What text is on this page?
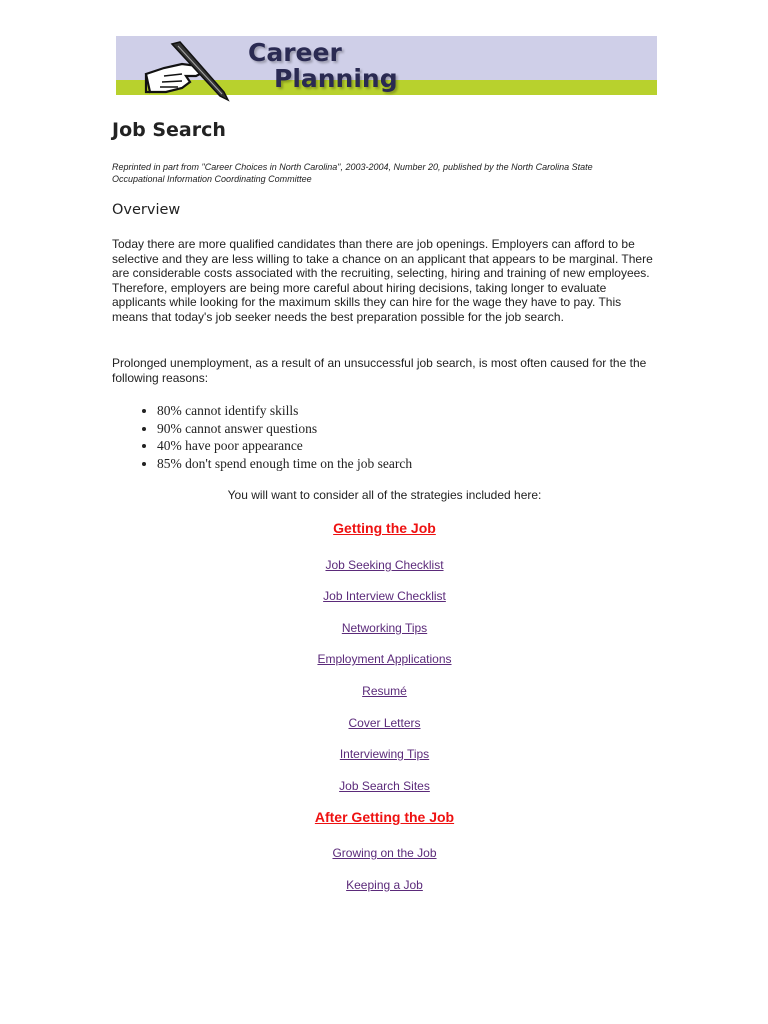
Career
Planning
Job Search

Reprinted in part from "Career Choices in North Carolina", 2003-2004, Number 20, published by the North Carolina State Occupational Information Coordinating Committee

Overview

Today there are more qualified candidates than there are job openings. Employers can afford to be selective and they are less willing to take a chance on an applicant that appears to be marginal. There are considerable costs associated with the recruiting, selecting, hiring and training of new employees. Therefore, employers are being more careful about hiring decisions, taking longer to evaluate applicants while looking for the maximum skills they can hire for the wage they have to pay. This means that today's job seeker needs the best preparation possible for the job search.

Prolonged unemployment, as a result of an unsuccessful job search, is most often caused for the the following reasons:

• 80% cannot identify skills
• 90% cannot answer questions
• 40% have poor appearance
• 85% don't spend enough time on the job search
You will want to consider all of the strategies included here:
Getting the Job
Job Seeking Checklist
Job Interview Checklist
Networking Tips
Employment Applications
Resumé
Cover Letters
Interviewing Tips
Job Search Sites
After Getting the Job
Growing on the Job
Keeping a Job
